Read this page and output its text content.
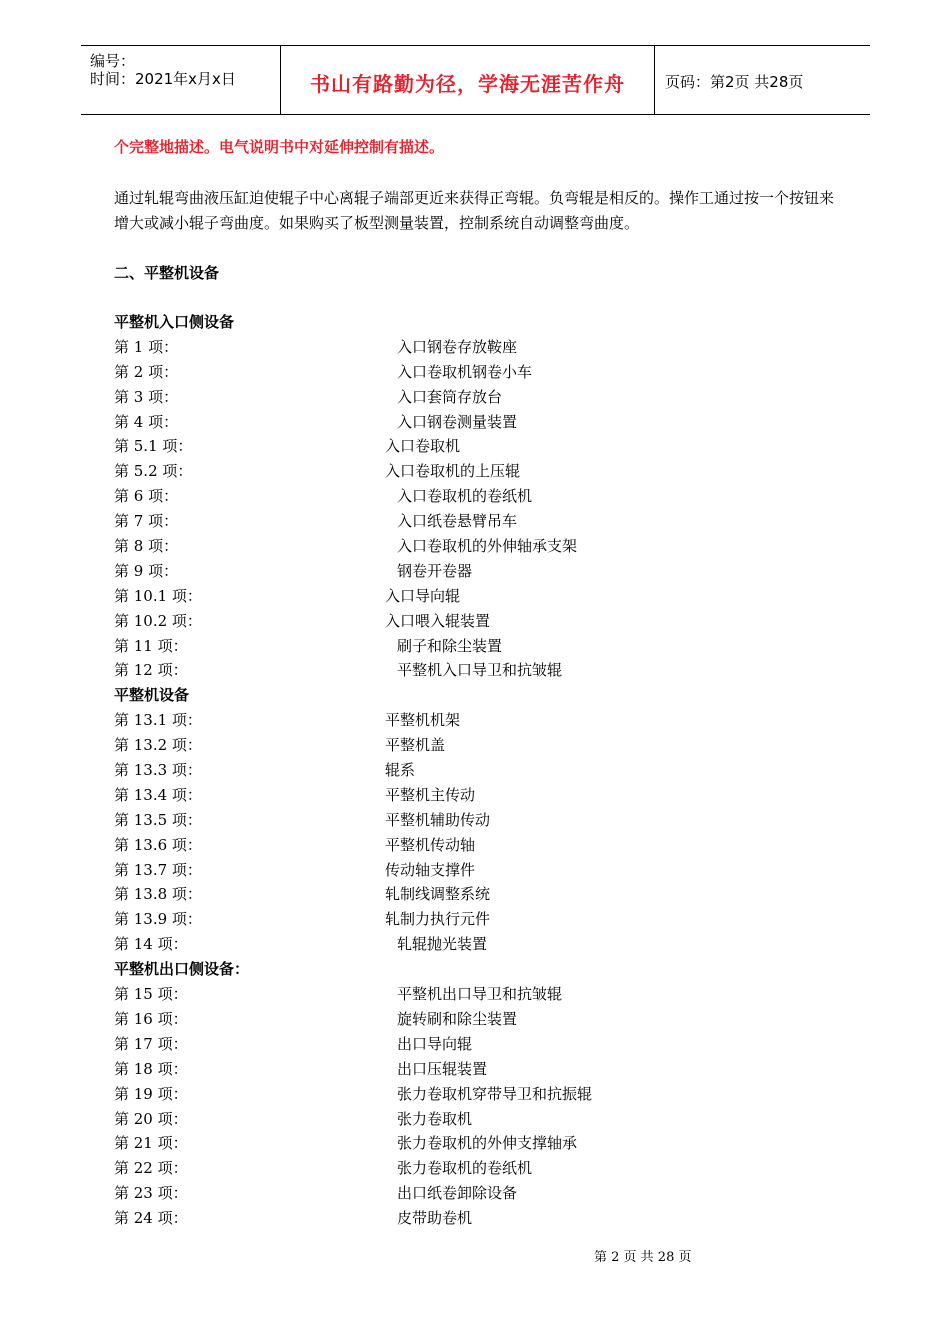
编号：
时间：2021年x月x日	书山有路勤为径，学海无涯苦作舟	页码：第2页 共28页
个完整地描述。电气说明书中对延伸控制有描述。
通过轧辊弯曲液压缸迫使辊子中心离辊子端部更近来获得正弯辊。负弯辊是相反的。操作工通过按一个按钮来增大或减小辊子弯曲度。如果购买了板型测量装置，控制系统自动调整弯曲度。
二、平整机设备
平整机入口侧设备
第 1 项：	入口钢卷存放鞍座
第 2 项：	入口卷取机钢卷小车
第 3 项：	入口套筒存放台
第 4 项：	入口钢卷测量装置
第 5.1 项：	入口卷取机
第 5.2 项：	入口卷取机的上压辊
第 6 项：	入口卷取机的卷纸机
第 7 项：	入口纸卷悬臂吊车
第 8 项：	入口卷取机的外伸轴承支架
第 9 项：	钢卷开卷器
第 10.1 项：	入口导向辊
第 10.2 项：	入口喂入辊装置
第 11 项：	刷子和除尘装置
第 12 项：	平整机入口导卫和抗皱辊
平整机设备
第 13.1 项：	平整机机架
第 13.2 项：	平整机盖
第 13.3 项：	辊系
第 13.4 项：	平整机主传动
第 13.5 项：	平整机辅助传动
第 13.6 项：	平整机传动轴
第 13.7 项：	传动轴支撑件
第 13.8 项：	轧制线调整系统
第 13.9 项：	轧制力执行元件
第 14 项：	轧辊抛光装置
平整机出口侧设备：
第 15 项：	平整机出口导卫和抗皱辊
第 16 项：	旋转刷和除尘装置
第 17 项：	出口导向辊
第 18 项：	出口压辊装置
第 19 项：	张力卷取机穿带导卫和抗振辊
第 20 项：	张力卷取机
第 21 项：	张力卷取机的外伸支撑轴承
第 22 项：	张力卷取机的卷纸机
第 23 项：	出口纸卷卸除设备
第 24 项：	皮带助卷机
第 2 页 共 28 页
